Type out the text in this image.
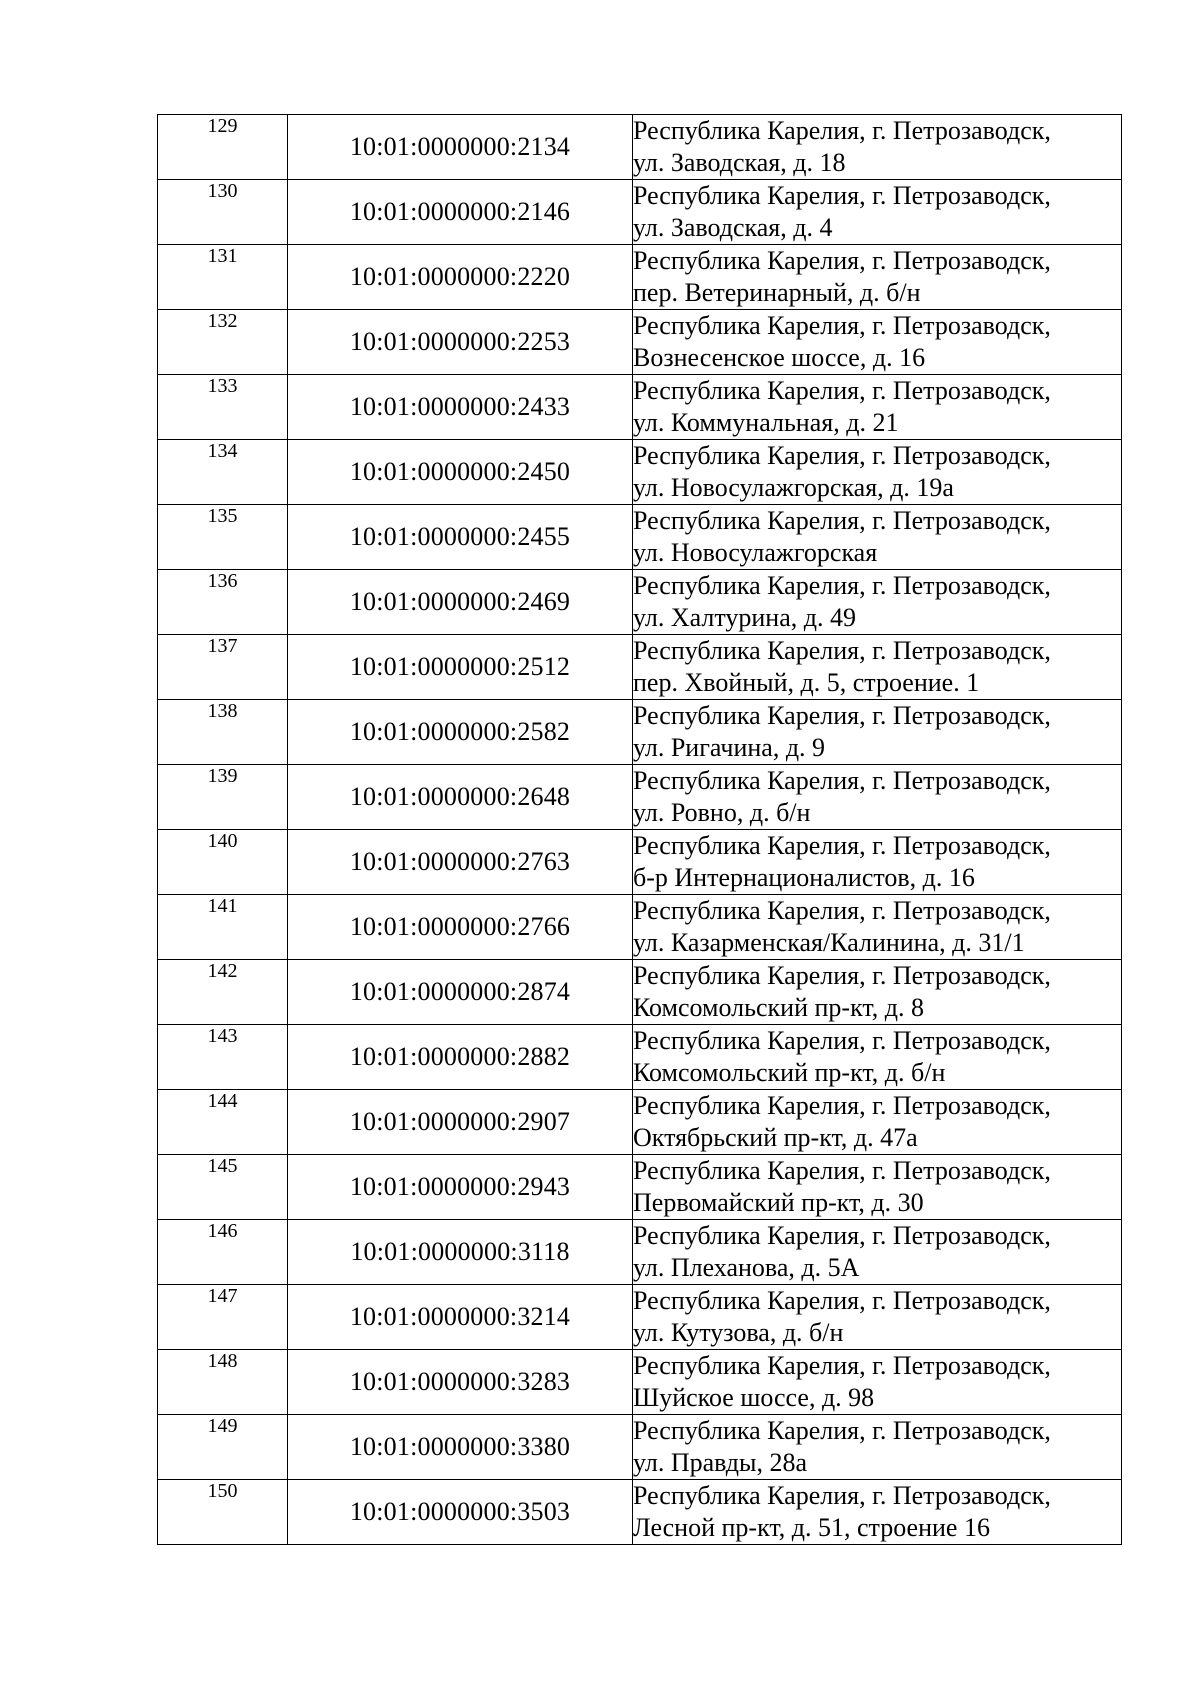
129	10:01:0000000:2134	Республика Карелия, г. Петрозаводск,
ул. Заводская, д. 18

130	10:01:0000000:2146	Республика Карелия, г. Петрозаводск,
ул. Заводская, д. 4

131	10:01:0000000:2220	Республика Карелия, г. Петрозаводск,
пер. Ветеринарный, д. б/н

132	10:01:0000000:2253	Республика Карелия, г. Петрозаводск,
Вознесенское шоссе, д. 16

133	10:01:0000000:2433	Республика Карелия, г. Петрозаводск,
ул. Коммунальная, д. 21

134	10:01:0000000:2450	Республика Карелия, г. Петрозаводск,
ул. Новосулажгорская, д. 19а

135	10:01:0000000:2455	Республика Карелия, г. Петрозаводск,
ул. Новосулажгорская

136	10:01:0000000:2469	Республика Карелия, г. Петрозаводск,
ул. Халтурина, д. 49

137	10:01:0000000:2512	Республика Карелия, г. Петрозаводск,
пер. Хвойный, д. 5, строение. 1

138	10:01:0000000:2582	Республика Карелия, г. Петрозаводск,
ул. Ригачина, д. 9

139	10:01:0000000:2648	Республика Карелия, г. Петрозаводск,
ул. Ровно, д. б/н

140	10:01:0000000:2763	Республика Карелия, г. Петрозаводск,
б-р Интернационалистов, д. 16

141	10:01:0000000:2766	Республика Карелия, г. Петрозаводск,
ул. Казарменская/Калинина, д. 31/1

142	10:01:0000000:2874	Республика Карелия, г. Петрозаводск,
Комсомольский пр-кт, д. 8

143	10:01:0000000:2882	Республика Карелия, г. Петрозаводск,
Комсомольский пр-кт, д. б/н

144	10:01:0000000:2907	Республика Карелия, г. Петрозаводск,
Октябрьский пр-кт, д. 47а

145	10:01:0000000:2943	Республика Карелия, г. Петрозаводск,
Первомайский пр-кт, д. 30

146	10:01:0000000:3118	Республика Карелия, г. Петрозаводск,
ул. Плеханова, д. 5А

147	10:01:0000000:3214	Республика Карелия, г. Петрозаводск,
ул. Кутузова, д. б/н

148	10:01:0000000:3283	Республика Карелия, г. Петрозаводск,
Шуйское шоссе, д. 98

149	10:01:0000000:3380	Республика Карелия, г. Петрозаводск,
ул. Правды, 28а

150	10:01:0000000:3503	Республика Карелия, г. Петрозаводск,
Лесной пр-кт, д. 51, строение 16
